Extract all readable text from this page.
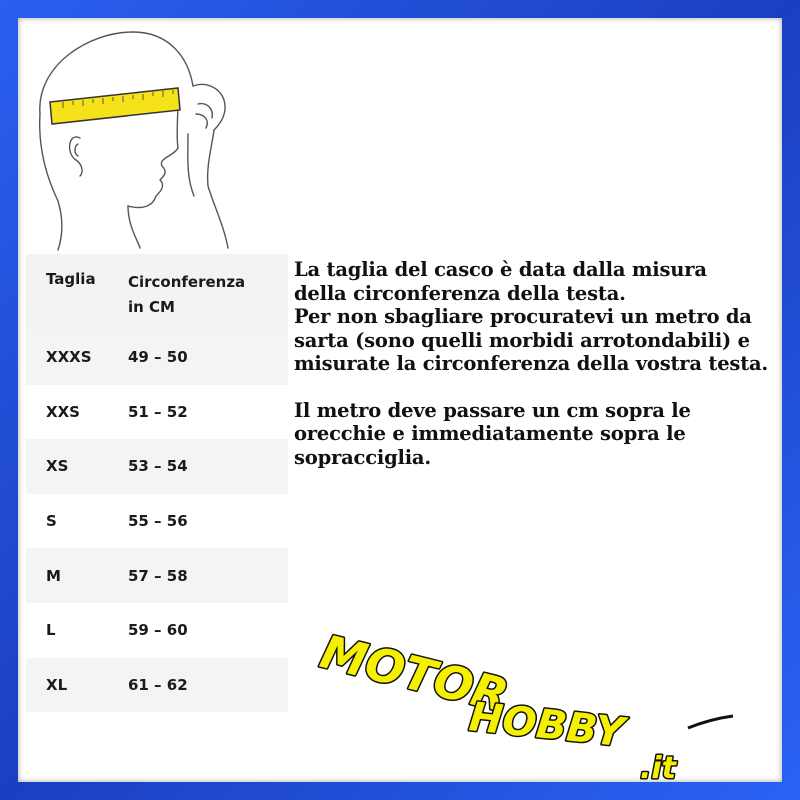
Taglia	Circonferenza
in CM

XXXS	49 – 50
XXS	51 – 52
XS	53 – 54
S	55 – 56
M	57 – 58
L	59 – 60
XL	61 – 62

La taglia del casco è data dalla misura
della circonferenza della testa.
Per non sbagliare procuratevi un metro da
sarta (sono quelli morbidi arrotondabili) e
misurate la circonferenza della vostra testa.

Il metro deve passare un cm sopra le
orecchie e immediatamente sopra le
sopracciglia.

MOTOR
HOBBY
.it
